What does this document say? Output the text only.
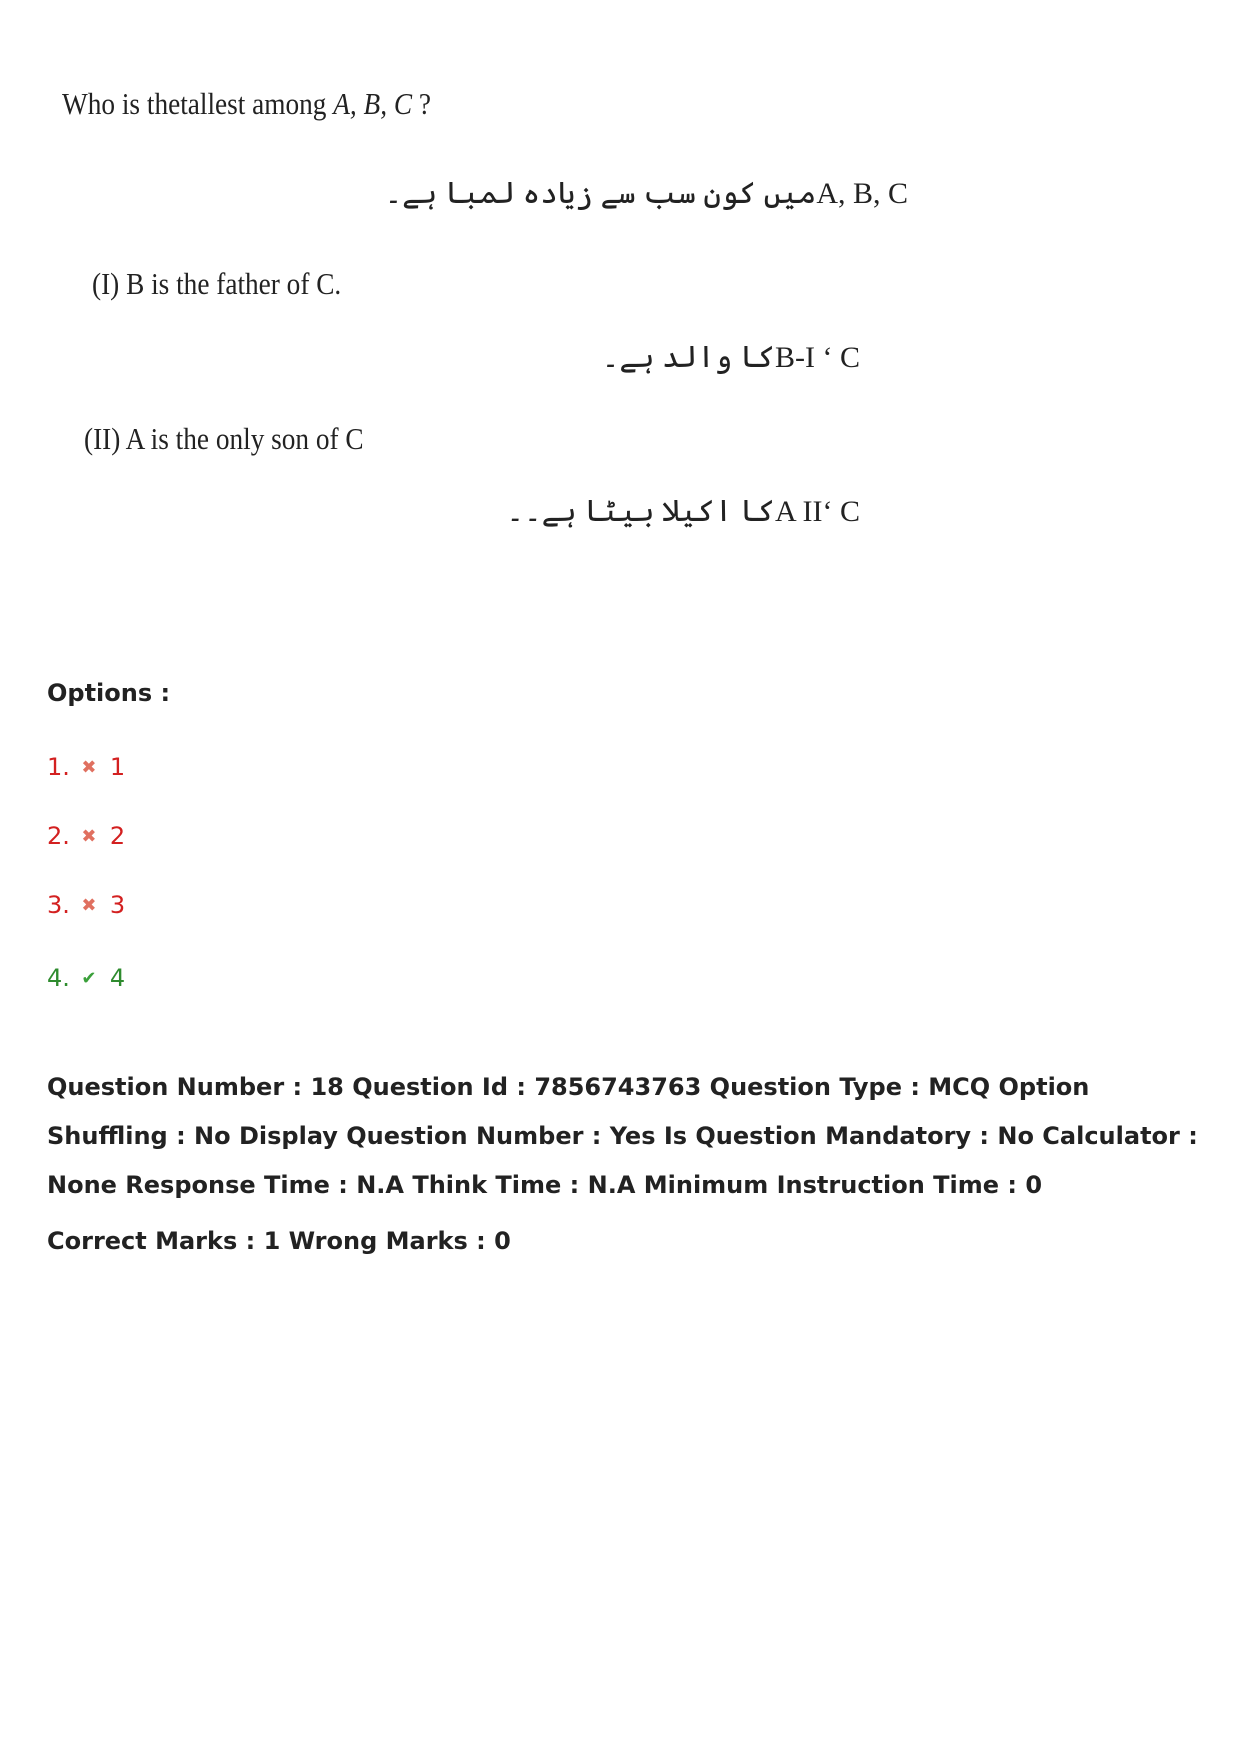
Who is thetallest among A, B, C ?
A, B, Cمیں کون سب سے زیادہ لمبا ہے۔
(I) B is the father of C.
B-I ‘ Cکا والد ہے۔
(II) A is the only son of C
A II‘ Cکا اکیلا بیٹا ہے۔۔
Options :
1. ✖ 1
2. ✖ 2
3. ✖ 3
4. ✔ 4
Question Number : 18 Question Id : 7856743763 Question Type : MCQ Option Shuffling : No Display Question Number : Yes Is Question Mandatory : No Calculator : None Response Time : N.A Think Time : N.A Minimum Instruction Time : 0
Correct Marks : 1 Wrong Marks : 0
